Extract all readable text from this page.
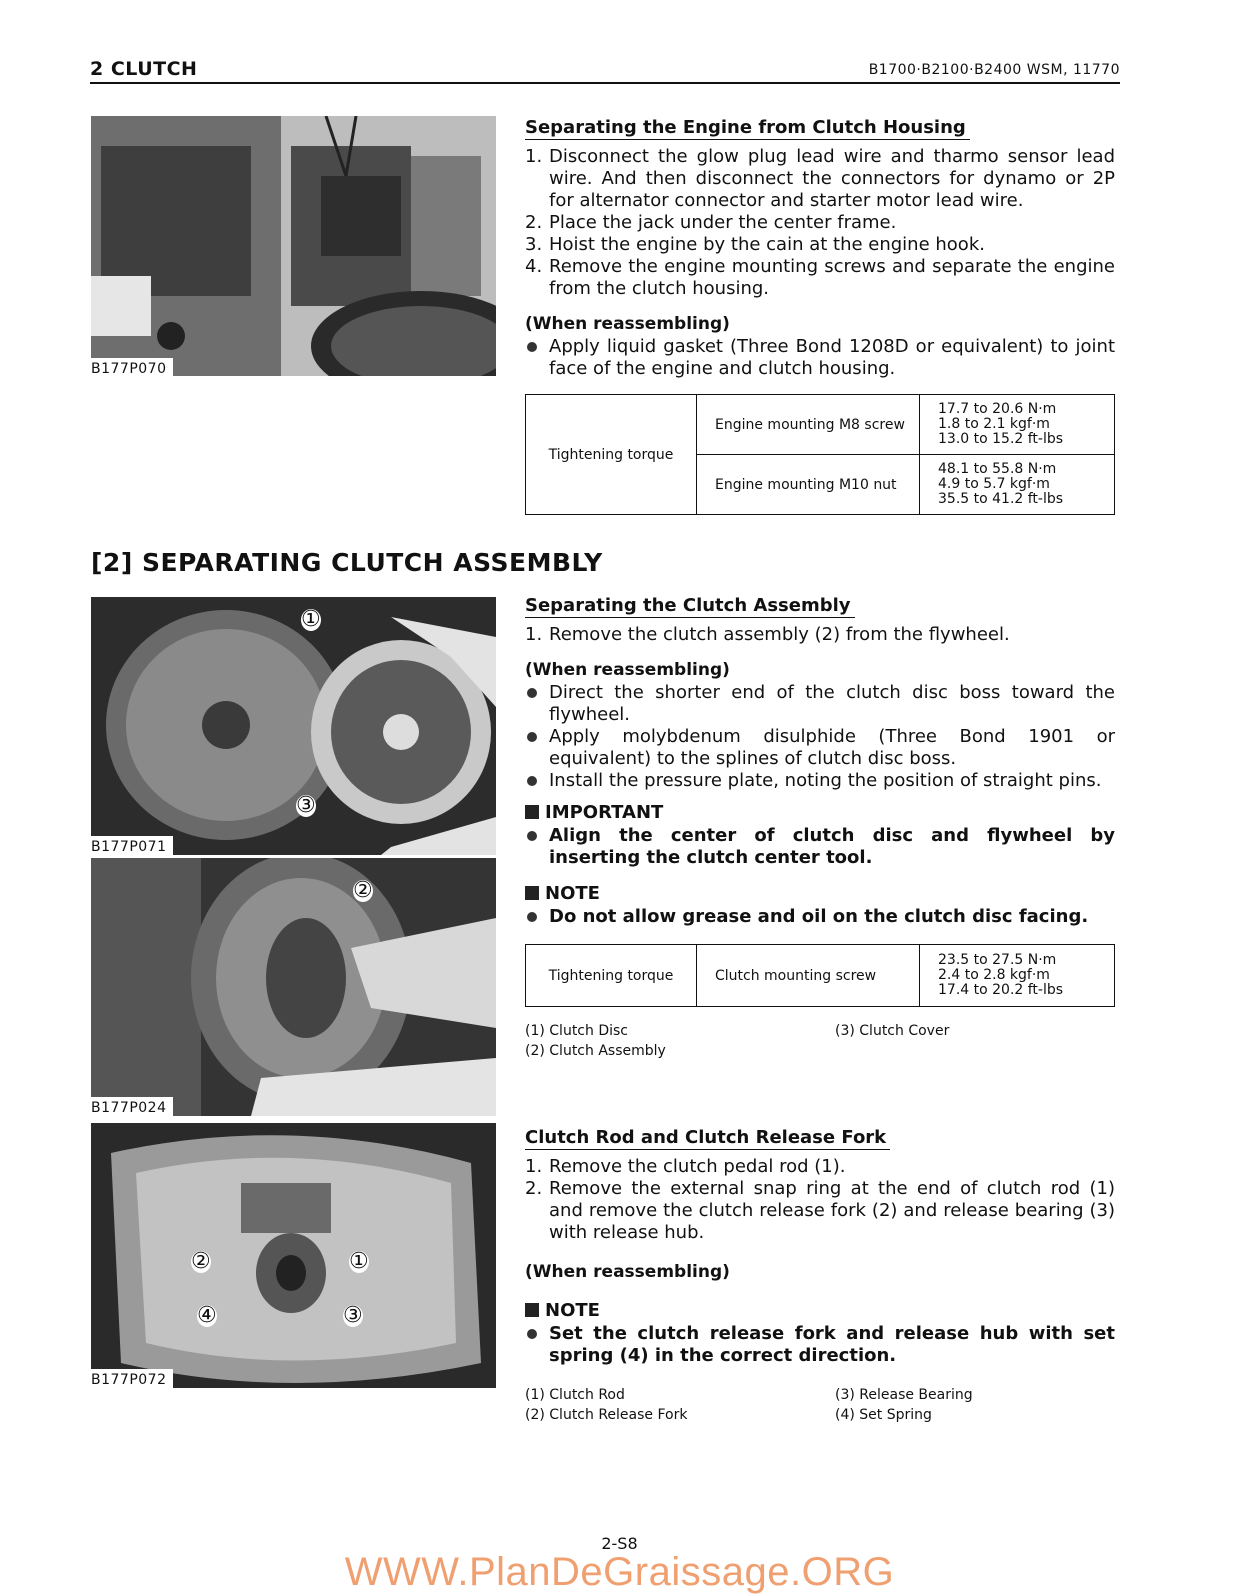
2 CLUTCH	B1700·B2100·B2400 WSM, 11770
B177P070
①
③
B177P071
②
B177P024
①
②
④	③
B177P072
Separating the Engine from Clutch Housing
1. Disconnect the glow plug lead wire and tharmo sensor lead wire. And then disconnect the connectors for dynamo or 2P for alternator connector and starter motor lead wire.
2. Place the jack under the center frame.
3. Hoist the engine by the cain at the engine hook.
4. Remove the engine mounting screws and separate the engine from the clutch housing.
(When reassembling)
Apply liquid gasket (Three Bond 1208D or equivalent) to joint face of the engine and clutch housing.
Tightening torque	Engine mounting M8 screw	17.7 to 20.6 N·m
1.8 to 2.1 kgf·m
13.0 to 15.2 ft-lbs

	Engine mounting M10 nut	48.1 to 55.8 N·m
4.9 to 5.7 kgf·m
35.5 to 41.2 ft-lbs
[2] SEPARATING CLUTCH ASSEMBLY
Separating the Clutch Assembly
1. Remove the clutch assembly (2) from the flywheel.
(When reassembling)
Direct the shorter end of the clutch disc boss toward the flywheel.
Apply molybdenum disulphide (Three Bond 1901 or equivalent) to the splines of clutch disc boss.
Install the pressure plate, noting the position of straight pins.
IMPORTANT
Align the center of clutch disc and flywheel by inserting the clutch center tool.
NOTE
Do not allow grease and oil on the clutch disc facing.
Tightening torque	Clutch mounting screw	
23.5 to 27.5 N·m
2.4 to 2.8 kgf·m
17.4 to 20.2 ft-lbs
(1) Clutch Disc
(2) Clutch Assembly
(3) Clutch Cover
Clutch Rod and Clutch Release Fork
1. Remove the clutch pedal rod (1).
2. Remove the external snap ring at the end of clutch rod (1) and remove the clutch release fork (2) and release bearing (3) with release hub.
(When reassembling)
NOTE
Set the clutch release fork and release hub with set spring (4) in the correct direction.
(1) Clutch Rod
(2) Clutch Release Fork
(3) Release Bearing
(4) Set Spring
2-S8
WWW.PlanDeGraissage.ORG
